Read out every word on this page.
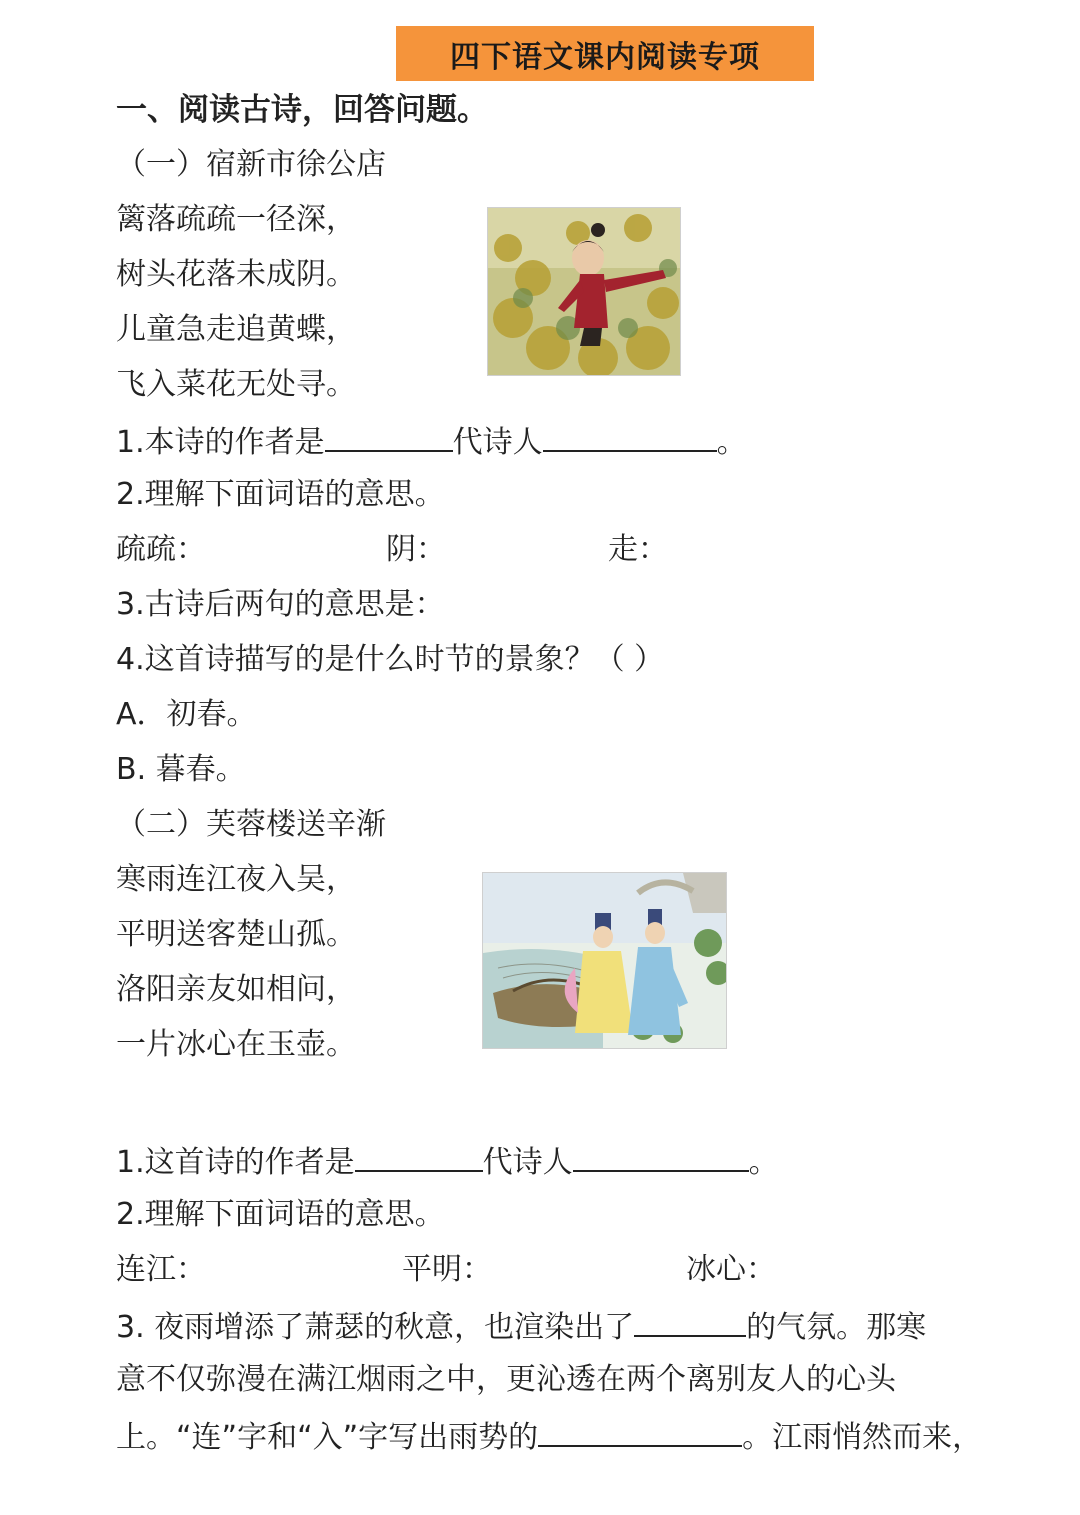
四下语文课内阅读专项
一、阅读古诗，回答问题。
（一）宿新市徐公店
篱落疏疏一径深，
树头花落未成阴。
儿童急走追黄蝶，
飞入菜花无处寻。
1.本诗的作者是	代诗人	。
2.理解下面词语的意思。
疏疏：	阴：	走：
3.古诗后两句的意思是：
4.这首诗描写的是什么时节的景象？（ ）
A．初春。
B. 暮春。
（二）芙蓉楼送辛渐
寒雨连江夜入吴，
平明送客楚山孤。
洛阳亲友如相问，
一片冰心在玉壶。
1.这首诗的作者是	代诗人	。
2.理解下面词语的意思。
连江：	平明：	冰心：
3. 夜雨增添了萧瑟的秋意，也渲染出了	的气氛。那寒
意不仅弥漫在满江烟雨之中，更沁透在两个离别友人的心头
上。“连”字和“入”字写出雨势的	。江雨悄然而来，
